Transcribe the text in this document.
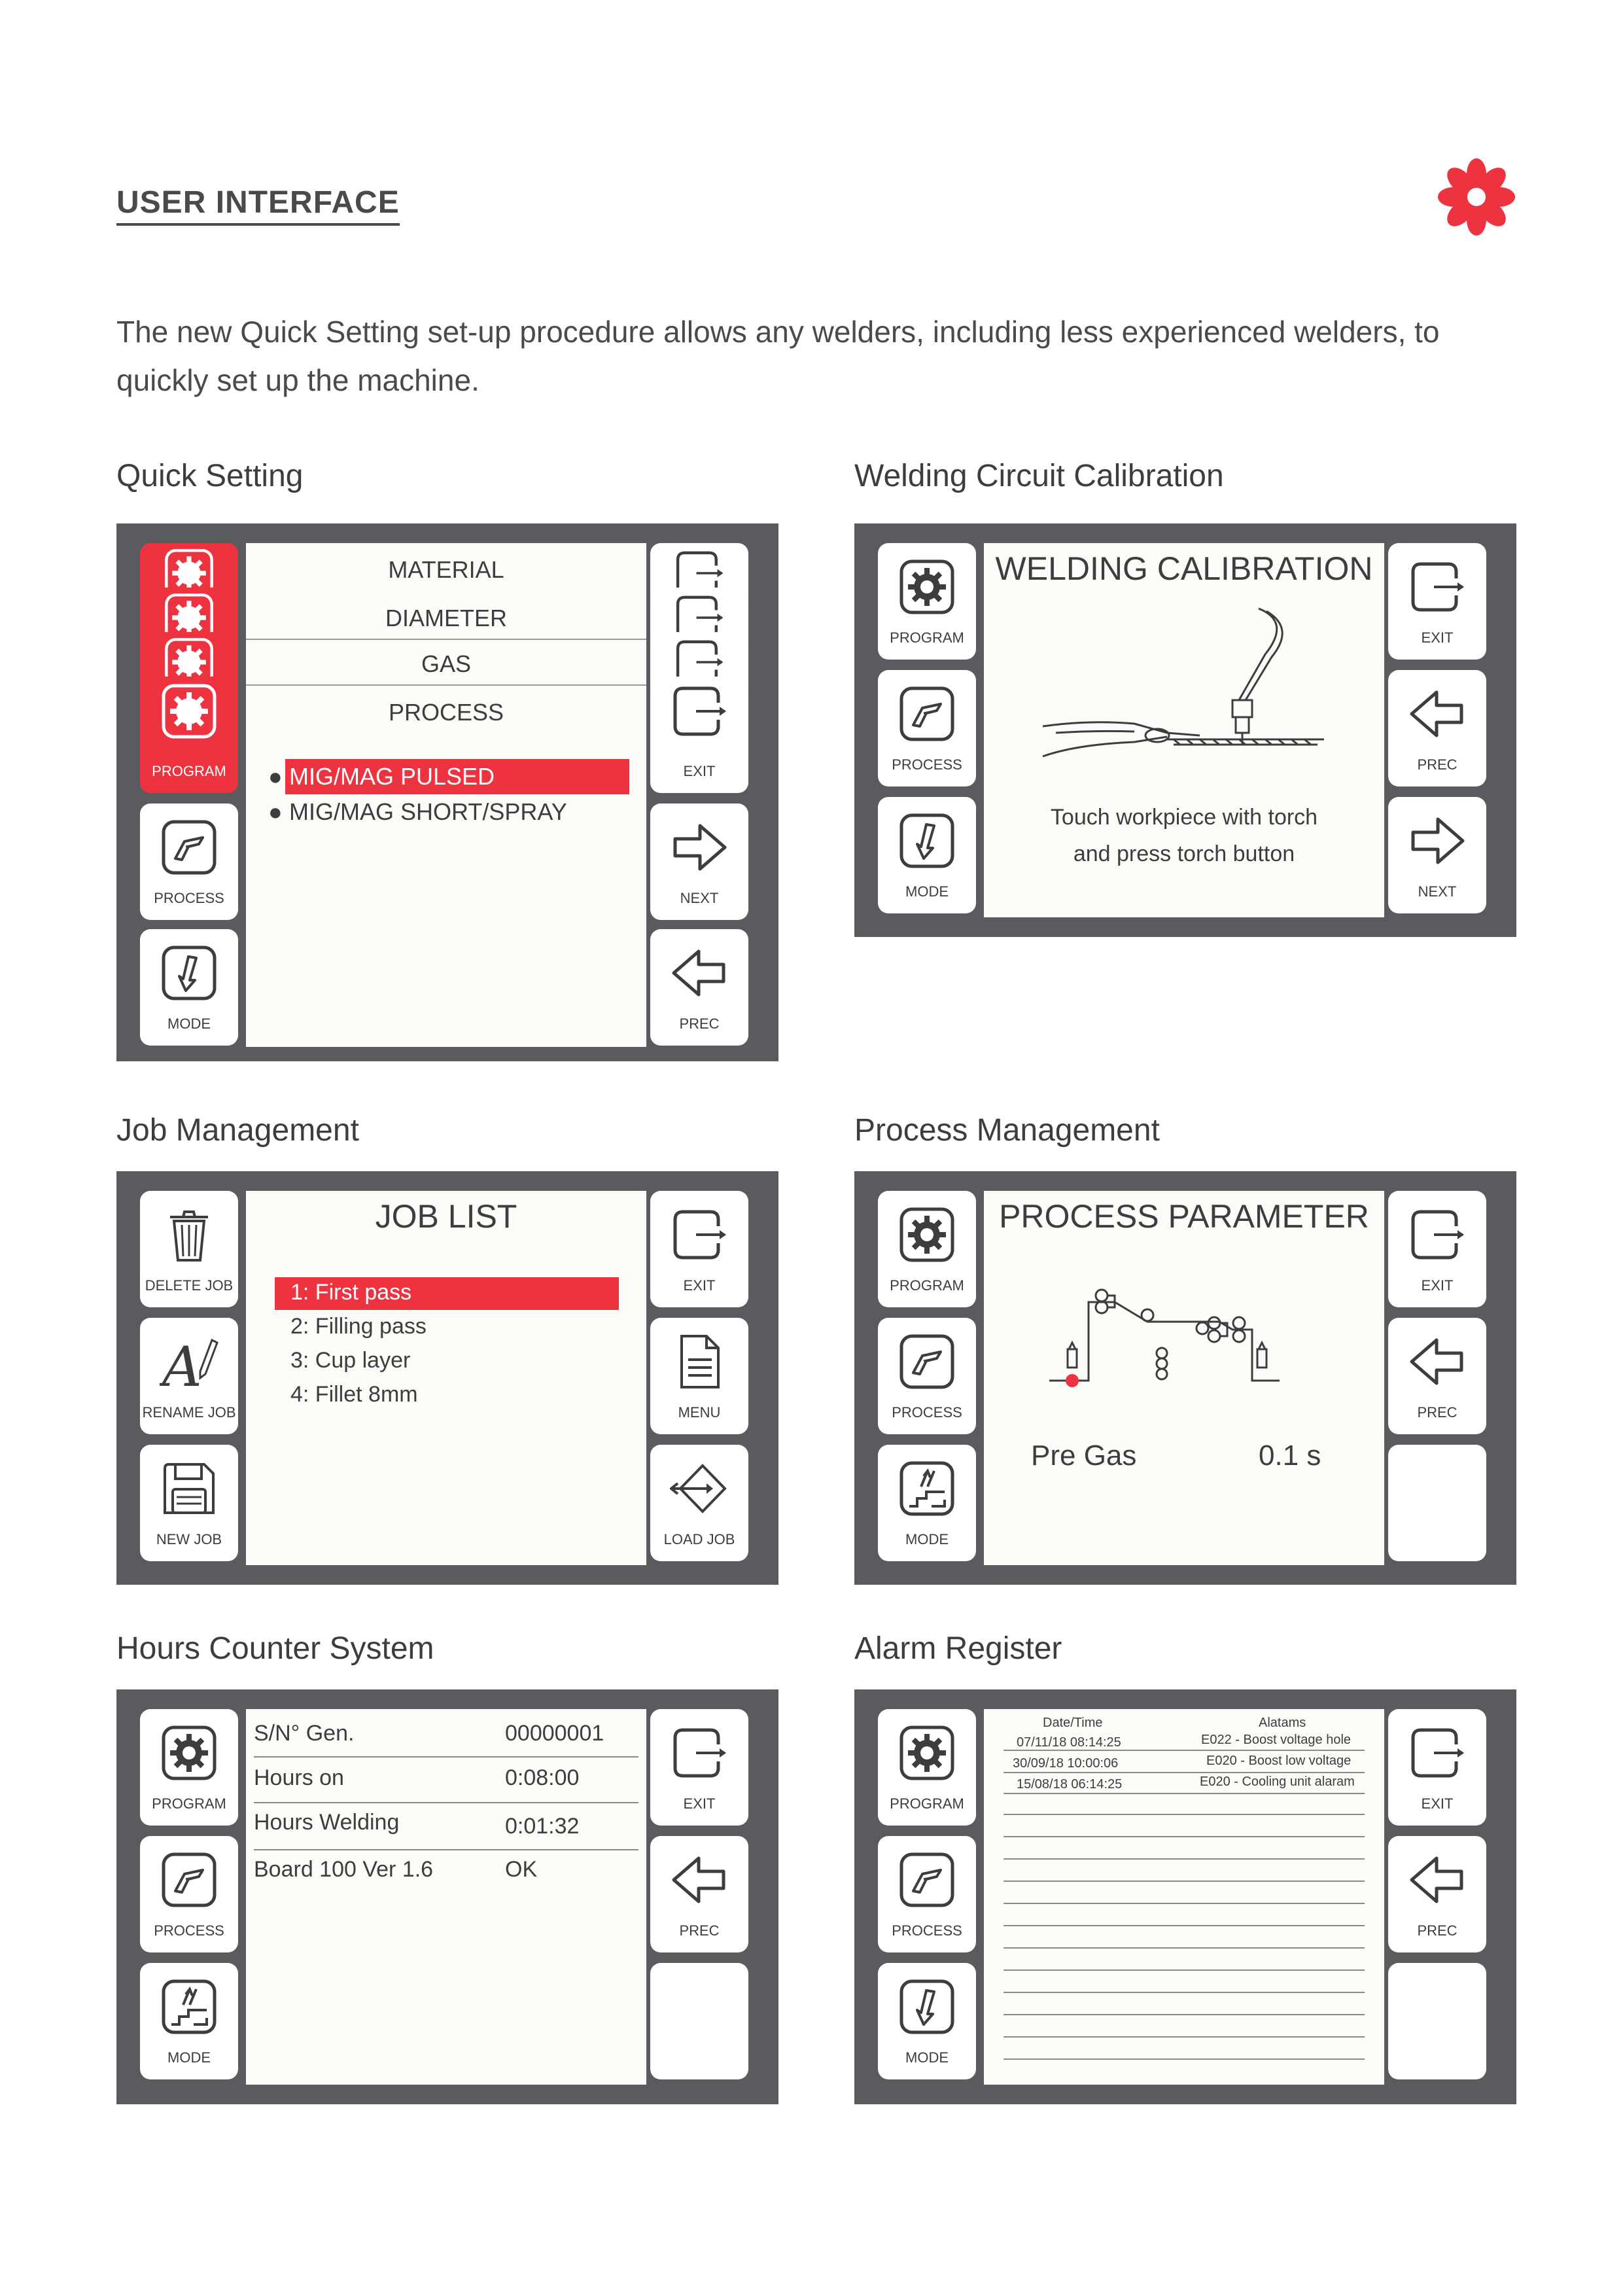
USER INTERFACE
The new Quick Setting set-up procedure allows any welders, including less experienced welders, to quickly set up the machine.
Quick Setting	Welding Circuit Calibration
Job Management	Process Management
Hours Counter System	Alarm Register
PROGRAM
PROCESS
MODE
MATERIAL
DIAMETER
GAS
PROCESS
● MIG/MAG PULSED
● MIG/MAG SHORT/SPRAY
EXIT
NEXT
PREC
PROGRAM
PROCESS
MODE
WELDING CALIBRATION
Touch workpiece with torch
and press torch button
EXIT
PREC
NEXT
DELETE JOB
RENAME JOB
NEW JOB
JOB LIST
1: First pass
2: Filling pass
3: Cup layer
4: Fillet 8mm
EXIT
MENU
LOAD JOB
PROGRAM
PROCESS
MODE
PROCESS PARAMETER
Pre Gas	0.1 s
EXIT
PREC
PROGRAM
PROCESS
MODE
S/N° Gen.	00000001
Hours on	0:08:00
Hours Welding	0:01:32
Board 100 Ver 1.6	OK
EXIT
PREC
PROGRAM
PROCESS
MODE
Date/Time	Alatams
07/11/18 08:14:25	E022 - Boost voltage hole
30/09/18 10:00:06	E020 - Boost low voltage
15/08/18 06:14:25	E020 - Cooling unit alaram
EXIT
PREC
